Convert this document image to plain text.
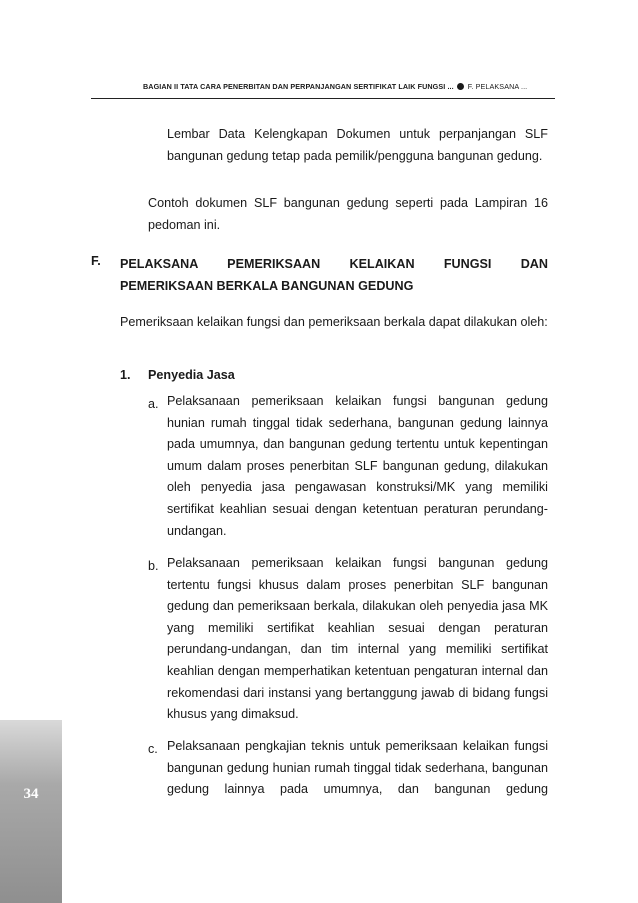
BAGIAN II TATA CARA PENERBITAN DAN PERPANJANGAN SERTIFIKAT LAIK FUNGSI ... F. PELAKSANA ...
Lembar Data Kelengkapan Dokumen untuk perpanjangan SLF bangunan gedung tetap pada pemilik/pengguna bangunan gedung.
Contoh dokumen SLF bangunan gedung seperti pada Lampiran 16 pedoman ini.
F. PELAKSANA PEMERIKSAAN KELAIKAN FUNGSI DAN
PEMERIKSAAN BERKALA BANGUNAN GEDUNG
Pemeriksaan kelaikan fungsi dan pemeriksaan berkala dapat dilakukan oleh:
1. Penyedia Jasa
a. Pelaksanaan pemeriksaan kelaikan fungsi bangunan gedung hunian rumah tinggal tidak sederhana, bangunan gedung lainnya pada umumnya, dan bangunan gedung tertentu untuk kepentingan umum dalam proses penerbitan SLF bangunan gedung, dilakukan oleh penyedia jasa pengawasan konstruksi/MK yang memiliki sertifikat keahlian sesuai dengan ketentuan peraturan perundang-undangan.
b. Pelaksanaan pemeriksaan kelaikan fungsi bangunan gedung tertentu fungsi khusus dalam proses penerbitan SLF bangunan gedung dan pemeriksaan berkala, dilakukan oleh penyedia jasa MK yang memiliki sertifikat keahlian sesuai dengan peraturan perundang-undangan, dan tim internal yang memiliki sertifikat keahlian dengan memperhatikan ketentuan pengaturan internal dan rekomendasi dari instansi yang bertanggung jawab di bidang fungsi khusus yang dimaksud.
c. Pelaksanaan pengkajian teknis untuk pemeriksaan kelaikan fungsi bangunan gedung hunian rumah tinggal tidak sederhana, bangunan gedung lainnya pada umumnya, dan bangunan gedung
34
